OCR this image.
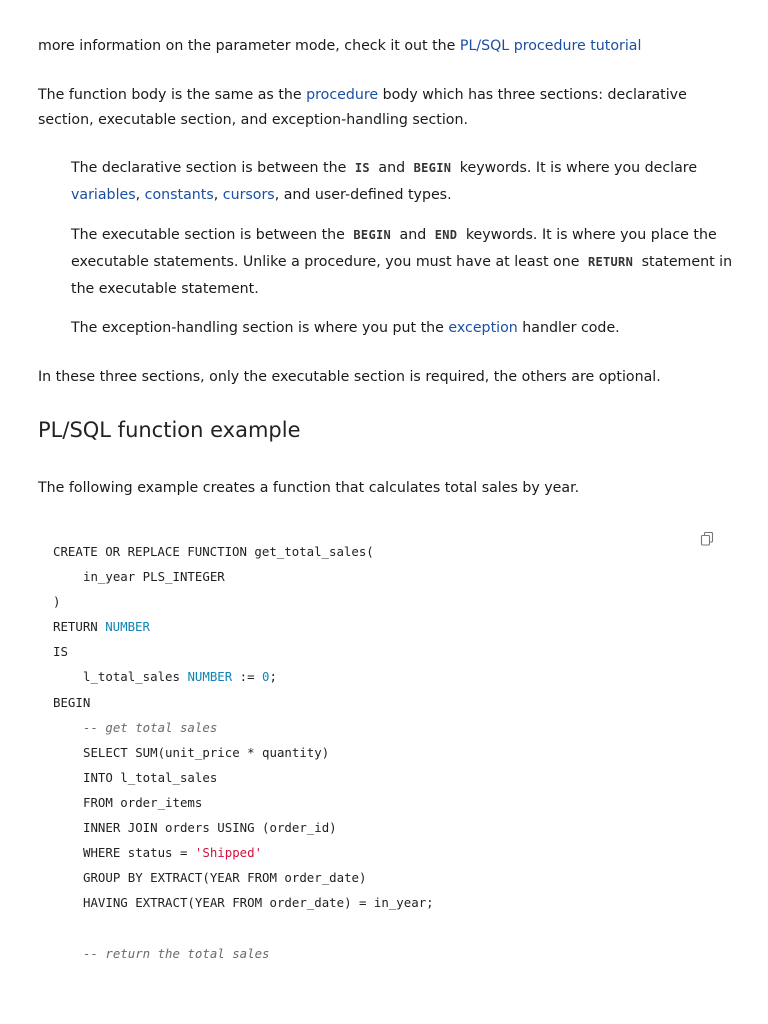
more information on the parameter mode, check it out the PL/SQL procedure tutorial

The function body is the same as the procedure body which has three sections: declarative section, executable section, and exception-handling section.

The declarative section is between the IS and BEGIN keywords. It is where you declare variables, constants, cursors, and user-defined types.

The executable section is between the BEGIN and END keywords. It is where you place the executable statements. Unlike a procedure, you must have at least one RETURN statement in the executable statement.

The exception-handling section is where you put the exception handler code.

In these three sections, only the executable section is required, the others are optional.

PL/SQL function example

The following example creates a function that calculates total sales by year.

CREATE OR REPLACE FUNCTION get_total_sales(
in_year PLS_INTEGER
)
RETURN NUMBER
IS
l_total_sales NUMBER := 0;
BEGIN
-- get total sales
SELECT SUM(unit_price * quantity)
INTO l_total_sales
FROM order_items
INNER JOIN orders USING (order_id)
WHERE status = 'Shipped'
GROUP BY EXTRACT(YEAR FROM order_date)
HAVING EXTRACT(YEAR FROM order_date) = in_year;
-- return the total sales
